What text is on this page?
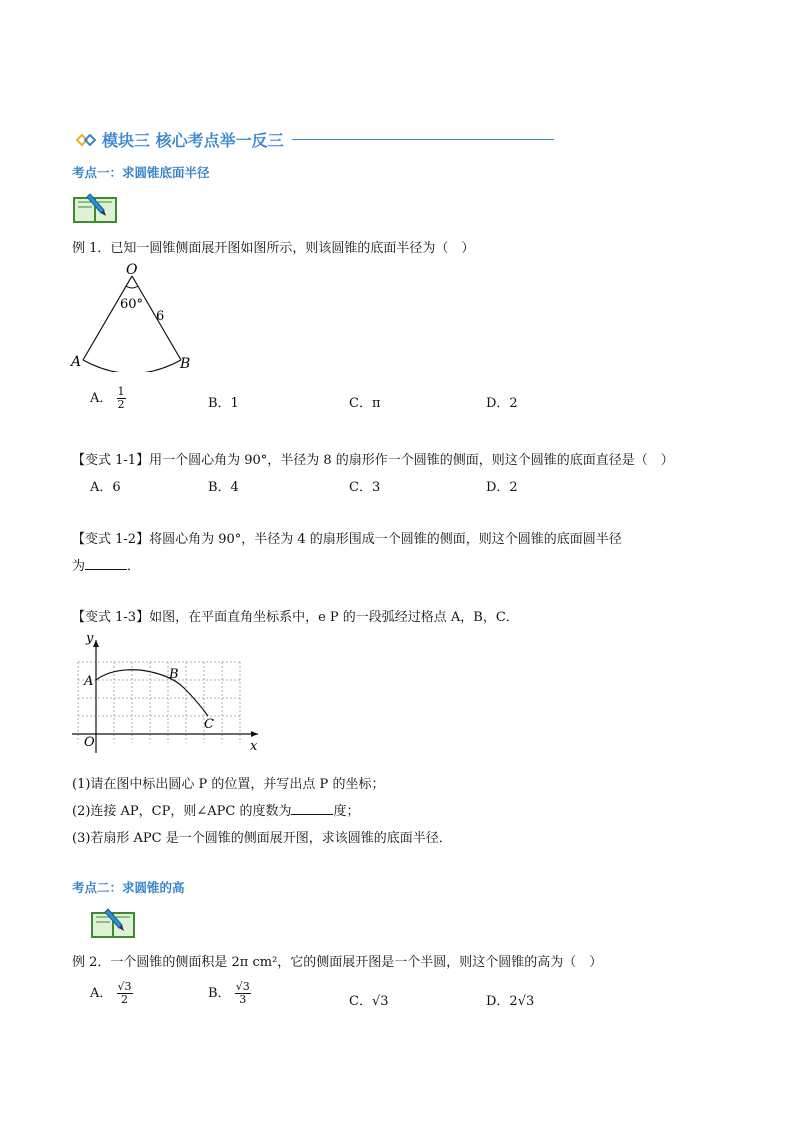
模块三 核心考点举一反三
考点一：求圆锥底面半径
例 1．已知一圆锥侧面展开图如图所示，则该圆锥的底面半径为（　）
O
60°
6
A	B
A． $\frac{1}{2}$	B．1	C．π	D．2
【变式 1-1】用一个圆心角为 90°，半径为 8 的扇形作一个圆锥的侧面，则这个圆锥的底面直径是（　）
A．6	B．4	C．3	D．2
【变式 1-2】将圆心角为 90°，半径为 4 的扇形围成一个圆锥的侧面，则这个圆锥的底面圆半径
为	．
【变式 1-3】如图，在平面直角坐标系中，e P 的一段弧经过格点 A，B，C．
y
x
O
A	B
C
(1)请在图中标出圆心 P 的位置，并写出点 P 的坐标；
(2)连接 AP，CP，则∠APC 的度数为	度；
(3)若扇形 APC 是一个圆锥的侧面展开图，求该圆锥的底面半径．
考点二：求圆锥的高
例 2．一个圆锥的侧面积是 2π cm²，它的侧面展开图是一个半圆，则这个圆锥的高为（　）
A． $\frac{√3}{2}$	B． $\frac{√3}{3}$	C．√3	D．2√3
